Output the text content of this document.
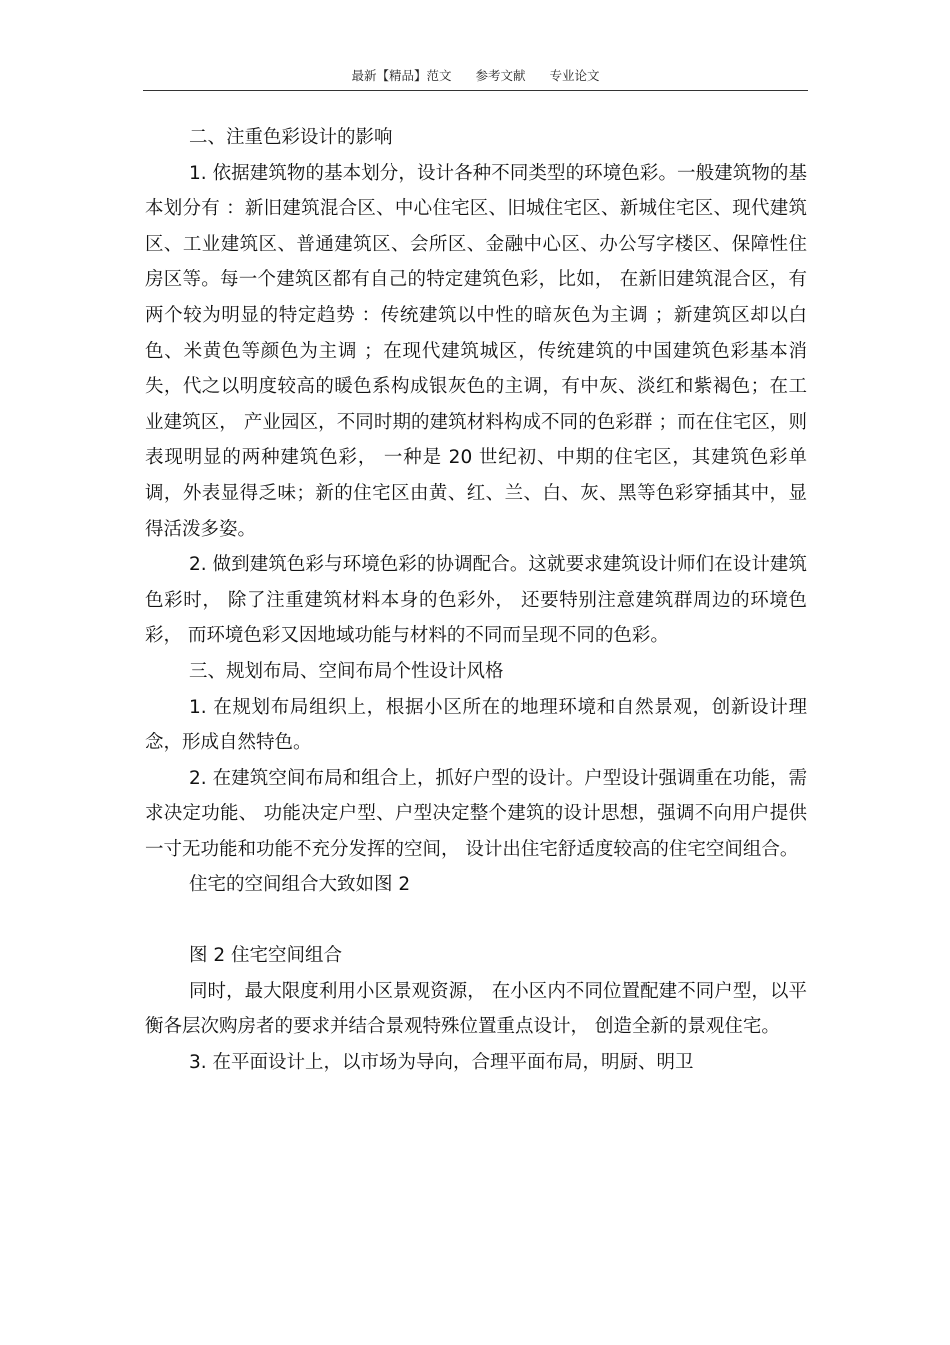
最新【精品】范文 参考文献 专业论文

二、注重色彩设计的影响

1. 依据建筑物的基本划分，设计各种不同类型的环境色彩。一般建筑物的基本划分有 ：新旧建筑混合区、中心住宅区、旧城住宅区、新城住宅区、现代建筑区、工业建筑区、普通建筑区、会所区、金融中心区、办公写字楼区、保障性住房区等。每一个建筑区都有自己的特定建筑色彩，比如， 在新旧建筑混合区，有两个较为明显的特定趋势 ：传统建筑以中性的暗灰色为主调 ；新建筑区却以白色、米黄色等颜色为主调 ；在现代建筑城区，传统建筑的中国建筑色彩基本消失，代之以明度较高的暖色系构成银灰色的主调，有中灰、淡红和紫褐色；在工业建筑区， 产业园区，不同时期的建筑材料构成不同的色彩群 ；而在住宅区，则表现明显的两种建筑色彩， 一种是 20 世纪初、中期的住宅区，其建筑色彩单调，外表显得乏味；新的住宅区由黄、红、兰、白、灰、黑等色彩穿插其中，显得活泼多姿。

2. 做到建筑色彩与环境色彩的协调配合。这就要求建筑设计师们在设计建筑色彩时， 除了注重建筑材料本身的色彩外， 还要特别注意建筑群周边的环境色彩， 而环境色彩又因地域功能与材料的不同而呈现不同的色彩。

三、规划布局、空间布局个性设计风格

1. 在规划布局组织上，根据小区所在的地理环境和自然景观，创新设计理念，形成自然特色。

2. 在建筑空间布局和组合上，抓好户型的设计。户型设计强调重在功能，需求决定功能、 功能决定户型、户型决定整个建筑的设计思想，强调不向用户提供一寸无功能和功能不充分发挥的空间， 设计出住宅舒适度较高的住宅空间组合。

住宅的空间组合大致如图 2

图 2 住宅空间组合

同时，最大限度利用小区景观资源， 在小区内不同位置配建不同户型，以平衡各层次购房者的要求并结合景观特殊位置重点设计， 创造全新的景观住宅。

3. 在平面设计上，以市场为导向，合理平面布局，明厨、明卫
